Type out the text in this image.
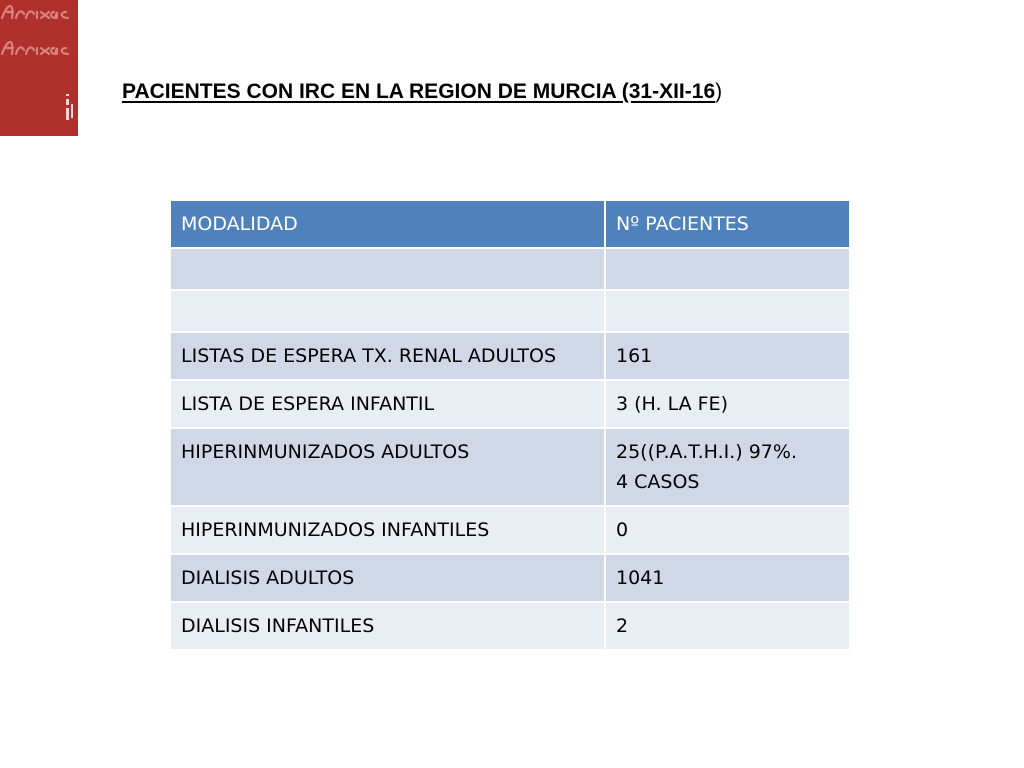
PACIENTES CON IRC EN LA REGION DE MURCIA (31-XII-16)
MODALIDAD	Nº PACIENTES

LISTAS DE ESPERA TX. RENAL ADULTOS	161
LISTA DE ESPERA INFANTIL	3 (H. LA FE)
HIPERINMUNIZADOS ADULTOS	25((P.A.T.H.I.) 97%.
4 CASOS
HIPERINMUNIZADOS INFANTILES	0
DIALISIS ADULTOS	1041
DIALISIS INFANTILES	2
